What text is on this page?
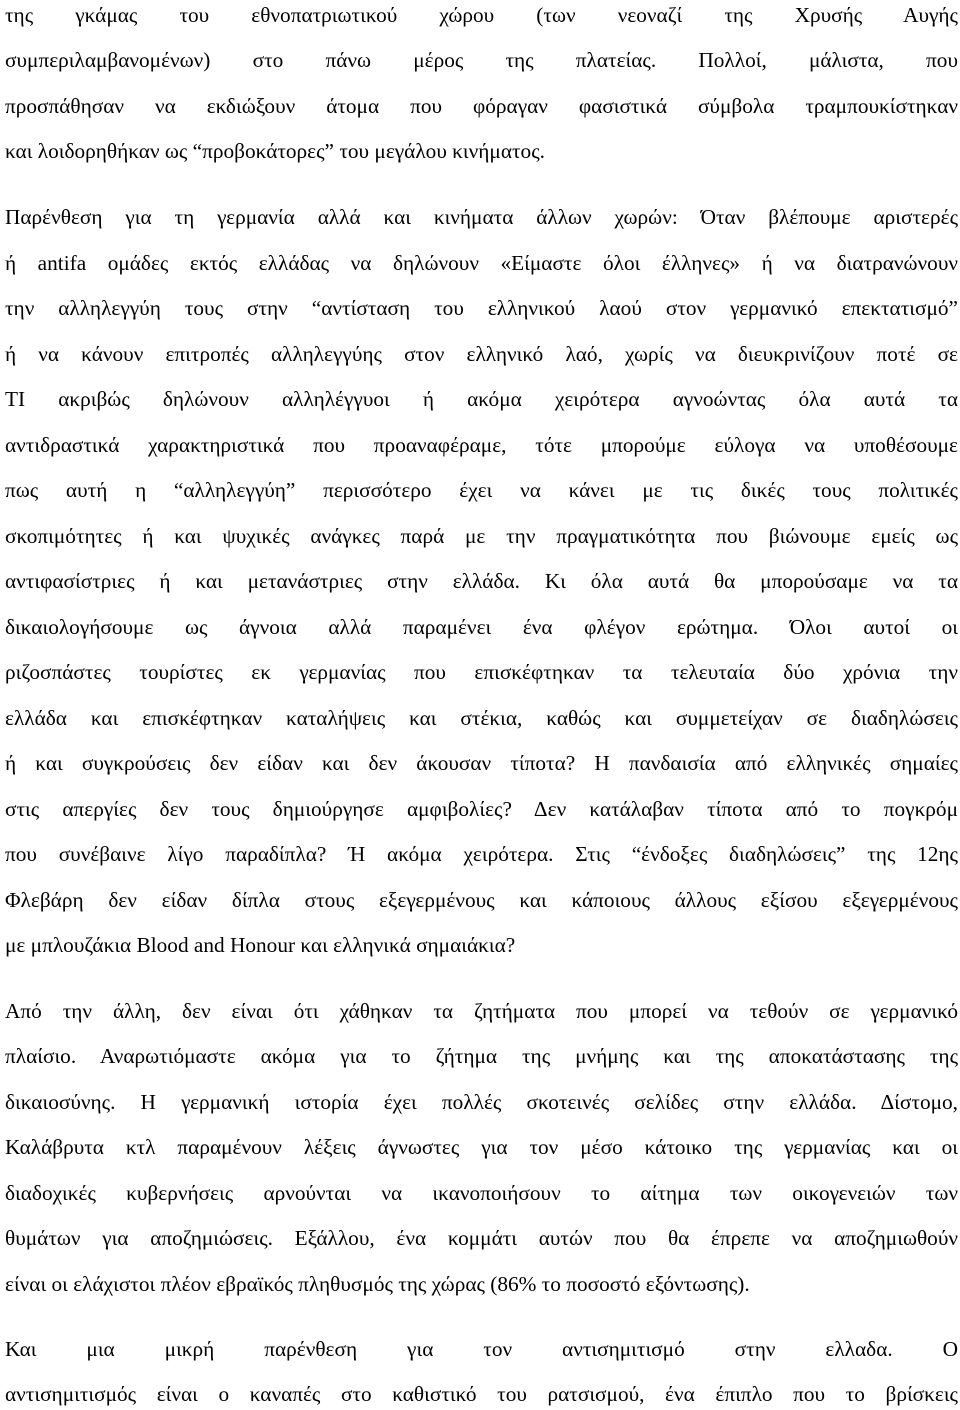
της γκάμας του εθνοπατριωτικού χώρου (των νεοναζί της Χρυσής Αυγής
συμπεριλαμβανομένων) στο πάνω μέρος της πλατείας. Πολλοί, μάλιστα, που
προσπάθησαν να εκδιώξουν άτομα που φόραγαν φασιστικά σύμβολα τραμπουκίστηκαν
και λοιδορηθήκαν ως “προβοκάτορες” του μεγάλου κινήματος.
Παρένθεση για τη γερμανία αλλά και κινήματα άλλων χωρών: Όταν βλέπουμε αριστερές
ή antifa ομάδες εκτός ελλάδας να δηλώνουν «Είμαστε όλοι έλληνες» ή να διατρανώνουν
την αλληλεγγύη τους στην “αντίσταση του ελληνικού λαού στον γερμανικό επεκτατισμό”
ή να κάνουν επιτροπές αλληλεγγύης στον ελληνικό λαό, χωρίς να διευκρινίζουν ποτέ σε
ΤΙ ακριβώς δηλώνουν αλληλέγγυοι ή ακόμα χειρότερα αγνοώντας όλα αυτά τα
αντιδραστικά χαρακτηριστικά που προαναφέραμε, τότε μπορούμε εύλογα να υποθέσουμε
πως αυτή η “αλληλεγγύη” περισσότερο έχει να κάνει με τις δικές τους πολιτικές
σκοπιμότητες ή και ψυχικές ανάγκες παρά με την πραγματικότητα που βιώνουμε εμείς ως
αντιφασίστριες ή και μετανάστριες στην ελλάδα. Κι όλα αυτά θα μπορούσαμε να τα
δικαιολογήσουμε ως άγνοια αλλά παραμένει ένα φλέγον ερώτημα. Όλοι αυτοί οι
ριζοσπάστες τουρίστες εκ γερμανίας που επισκέφτηκαν τα τελευταία δύο χρόνια την
ελλάδα και επισκέφτηκαν καταλήψεις και στέκια, καθώς και συμμετείχαν σε διαδηλώσεις
ή και συγκρούσεις δεν είδαν και δεν άκουσαν τίποτα? Η πανδαισία από ελληνικές σημαίες
στις απεργίες δεν τους δημιούργησε αμφιβολίες? Δεν κατάλαβαν τίποτα από το πογκρόμ
που συνέβαινε λίγο παραδίπλα? Ή ακόμα χειρότερα. Στις “ένδοξες διαδηλώσεις” της 12ης
Φλεβάρη δεν είδαν δίπλα στους εξεγερμένους και κάποιους άλλους εξίσου εξεγερμένους
με μπλουζάκια Blood and Honour και ελληνικά σημαιάκια?
Από την άλλη, δεν είναι ότι χάθηκαν τα ζητήματα που μπορεί να τεθούν σε γερμανικό
πλαίσιο. Αναρωτιόμαστε ακόμα για το ζήτημα της μνήμης και της αποκατάστασης της
δικαιοσύνης. Η γερμανική ιστορία έχει πολλές σκοτεινές σελίδες στην ελλάδα. Δίστομο,
Καλάβρυτα κτλ παραμένουν λέξεις άγνωστες για τον μέσο κάτοικο της γερμανίας και οι
διαδοχικές κυβερνήσεις αρνούνται να ικανοποιήσουν το αίτημα των οικογενειών των
θυμάτων για αποζημιώσεις. Εξάλλου, ένα κομμάτι αυτών που θα έπρεπε να αποζημιωθούν
είναι οι ελάχιστοι πλέον εβραϊκός πληθυσμός της χώρας (86% το ποσοστό εξόντωσης).
Και μια μικρή παρένθεση για τον αντισημιτισμό στην ελλαδα. Ο
αντισημιτισμός είναι ο καναπές στο καθιστικό του ρατσισμού, ένα έπιπλο που το βρίσκεις
